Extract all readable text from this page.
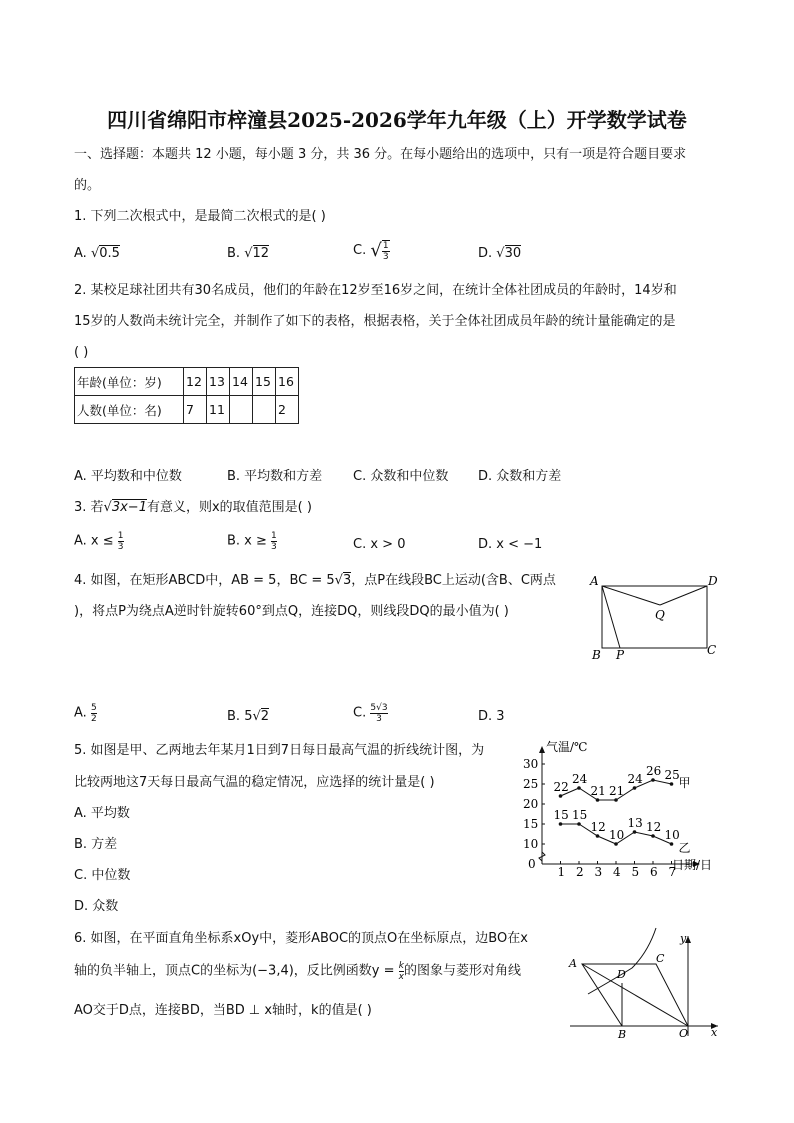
四川省绵阳市梓潼县2025-2026学年九年级（上）开学数学试卷
一、选择题：本题共 12 小题，每小题 3 分，共 36 分。在每小题给出的选项中，只有一项是符合题目要求
的。
1. 下列二次根式中，是最简二次根式的是( )
A. √0.5	B. √12	C. √ $\frac{1}{3}$	D. √30
2. 某校足球社团共有30名成员，他们的年龄在12岁至16岁之间，在统计全体社团成员的年龄时，14岁和
15岁的人数尚未统计完全，并制作了如下的表格，根据表格，关于全体社团成员年龄的统计量能确定的是
( )
年龄(单位：岁)	12	13	14	15	16
人数(单位：名)	7	11			2
A. 平均数和中位数	B. 平均数和方差 C. 众数和中位数 D. 众数和方差
3. 若√3x−1有意义，则x的取值范围是( )
A. $x \le \frac{1}{3}$	B. $x \ge \frac{1}{3}$	C. x > 0	D. x < −1
4. 如图，在矩形ABCD中，AB = 5，BC = 5√3，点P在线段BC上运动(含B、C两点
)，将点P为绕点A逆时针旋转60°到点Q，连接DQ，则线段DQ的最小值为( )
A	D
Q
B P	C
A. $\frac{5}{2}$	B. 5√2	C. $\frac{5√3}{3}$	D. 3
5. 如图是甲、乙两地去年某月1日到7日每日最高气温的折线统计图，为
比较两地这7天每日最高气温的稳定情况，应选择的统计量是( )
A. 平均数
B. 方差
C. 中位数
D. 众数
气温/℃
日期/日
0
10
15
20
25
30
1 2 3 4 5 6 7
22
24
21 21
24
26 25
甲
15 15
12
10
13 12
10
乙
6. 如图，在平面直角坐标系xOy中，菱形ABOC的顶点O在坐标原点，边BO在x
轴的负半轴上，顶点C的坐标为(−3,4)，反比例函数$y = \frac{k}{x}$ 的图象与菱形对角线
AO交于D点，连接BD，当BD ⊥ x轴时，k的值是( )
A
D
C
B	O x
y
